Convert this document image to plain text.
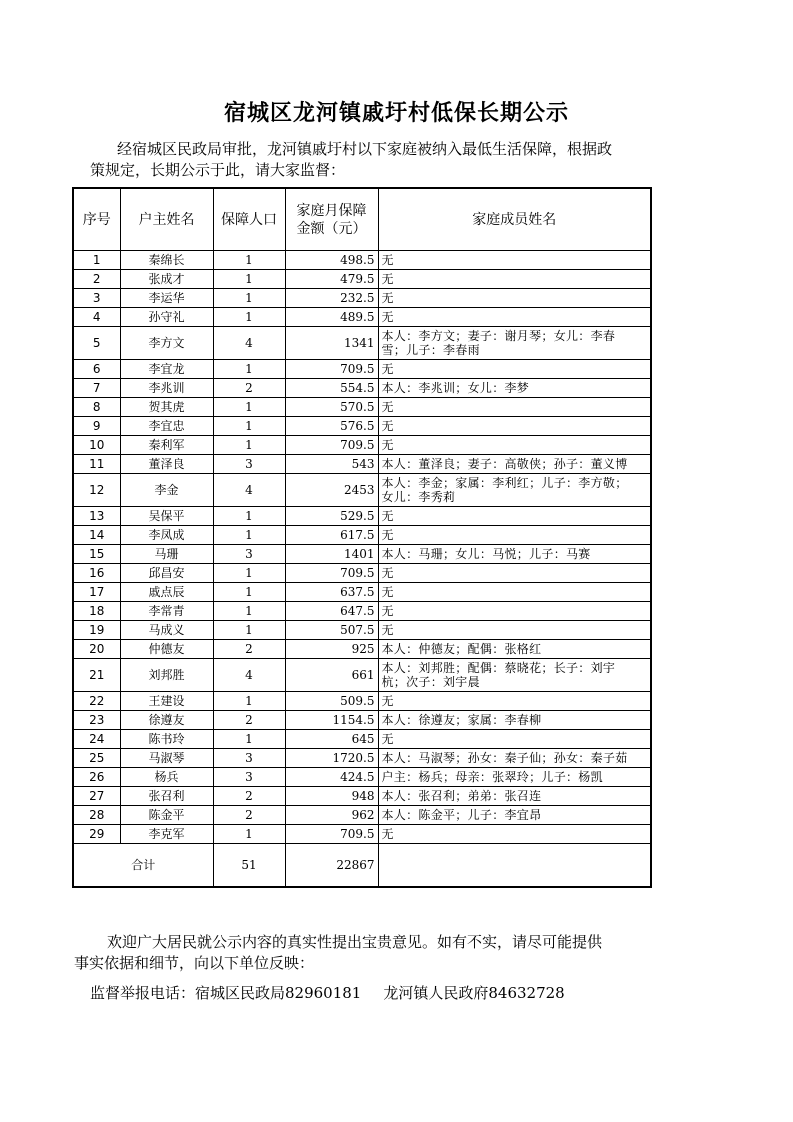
宿城区龙河镇戚圩村低保长期公示
经宿城区民政局审批，龙河镇戚圩村以下家庭被纳入最低生活保障，根据政
策规定，长期公示于此，请大家监督：
序号	户主姓名	保障人口	家庭月保障
金额（元）	家庭成员姓名
1	秦绵长	1	498.5	无
2	张成才	1	479.5	无
3	李运华	1	232.5	无
4	孙守礼	1	489.5	无
5	李方文	4	1341	本人：李方文；妻子：谢月琴；女儿：李春
雪；儿子：李春雨
6	李宜龙	1	709.5	无
7	李兆训	2	554.5	本人：李兆训；女儿：李梦
8	贺其虎	1	570.5	无
9	李宜忠	1	576.5	无
10	秦利军	1	709.5	无
11	董泽良	3	543	本人：董泽良；妻子：高敬侠；孙子：董义博
12	李金	4	2453	本人：李金；家属：李利红；儿子：李方敬；
女儿：李秀莉
13	吴保平	1	529.5	无
14	李凤成	1	617.5	无
15	马珊	3	1401	本人：马珊；女儿：马悦；儿子：马赛
16	邱昌安	1	709.5	无
17	戚点辰	1	637.5	无
18	李常青	1	647.5	无
19	马成义	1	507.5	无
20	仲德友	2	925	本人：仲德友；配偶：张格红
21	刘邦胜	4	661	本人：刘邦胜；配偶：蔡晓花；长子：刘宇
杭；次子：刘宇晨
22	王建设	1	509.5	无
23	徐遵友	2	1154.5	本人：徐遵友；家属：李春柳
24	陈书玲	1	645	无
25	马淑琴	3	1720.5	本人：马淑琴；孙女：秦子仙；孙女：秦子茹
26	杨兵	3	424.5	户主：杨兵；母亲：张翠玲；儿子：杨凯
27	张召利	2	948	本人：张召利；弟弟：张召连
28	陈金平	2	962	本人：陈金平；儿子：李宜昂
29	李克军	1	709.5	无
合计		51	22867	
欢迎广大居民就公示内容的真实性提出宝贵意见。如有不实，请尽可能提供
事实依据和细节，向以下单位反映：
监督举报电话：宿城区民政局82960181 龙河镇人民政府84632728
